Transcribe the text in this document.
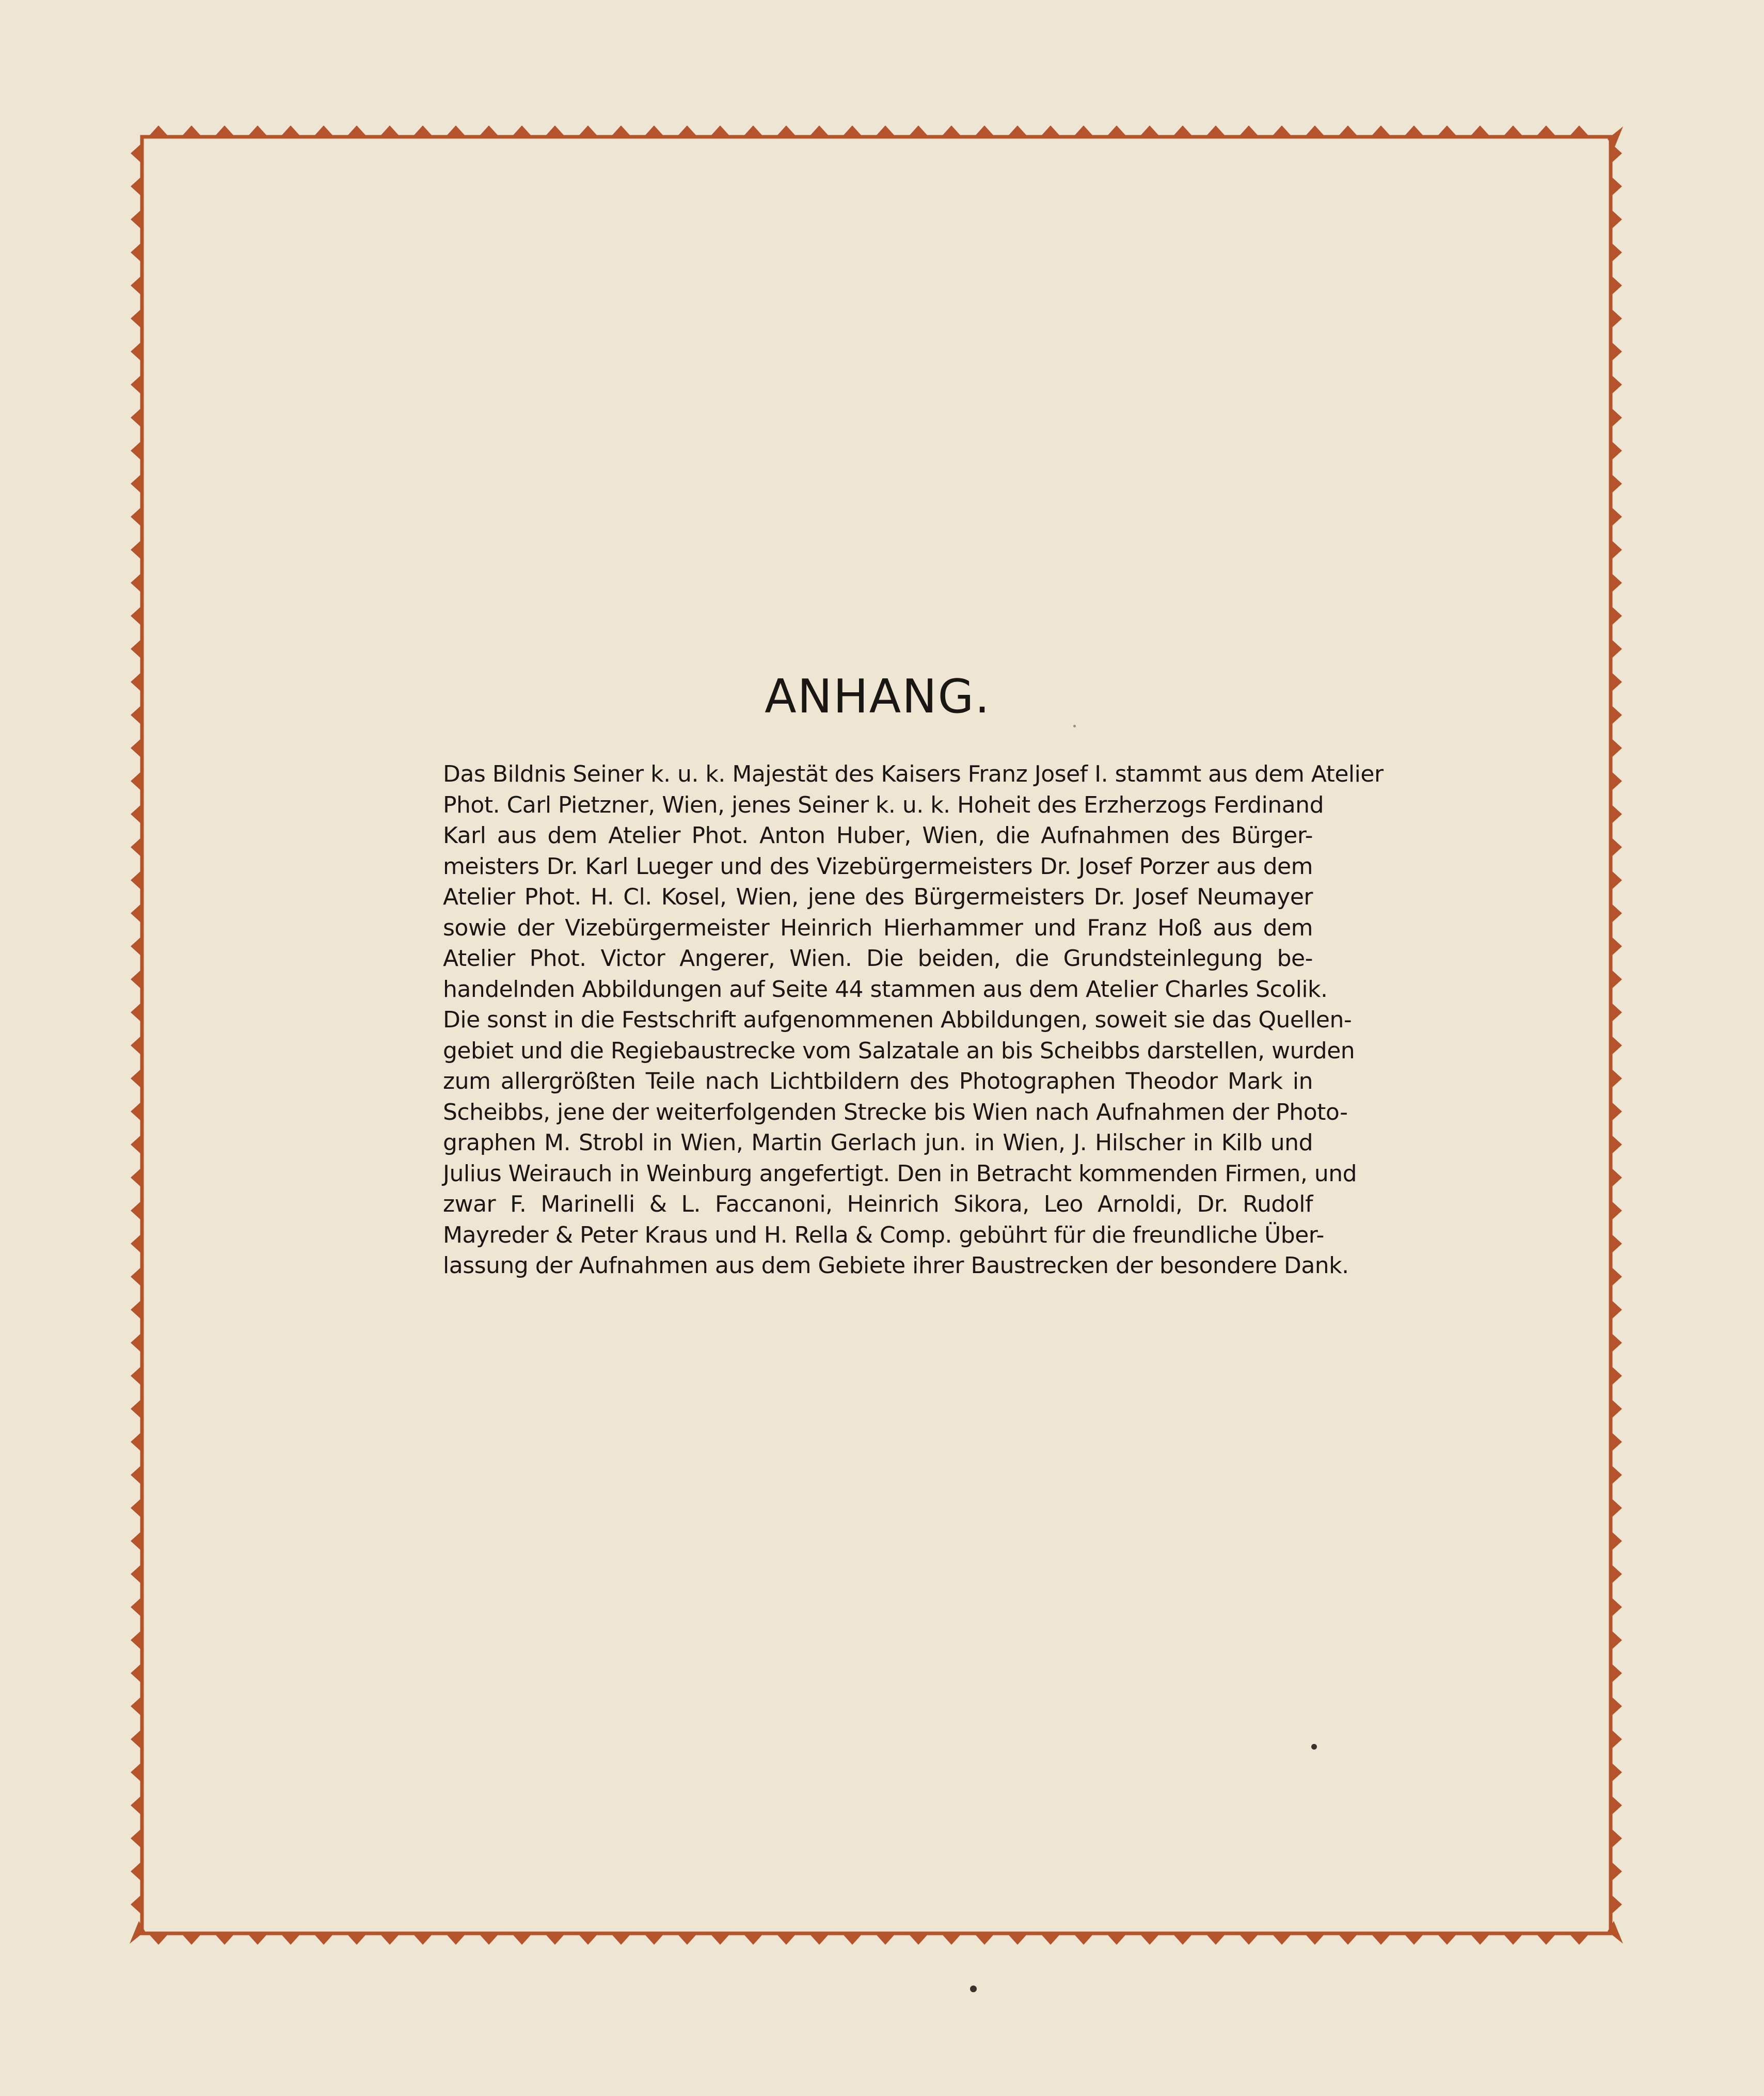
ANHANG.
Das Bildnis Seiner k. u. k. Majestät des Kaisers Franz Josef I. stammt aus dem Atelier
Phot. Carl Pietzner, Wien, jenes Seiner k. u. k. Hoheit des Erzherzogs Ferdinand
Karl aus dem Atelier Phot. Anton Huber, Wien, die Aufnahmen des Bürger-
meisters Dr. Karl Lueger und des Vizebürgermeisters Dr. Josef Porzer aus dem
Atelier Phot. H. Cl. Kosel, Wien, jene des Bürgermeisters Dr. Josef Neumayer
sowie der Vizebürgermeister Heinrich Hierhammer und Franz Hoß aus dem
Atelier Phot. Victor Angerer, Wien. Die beiden, die Grundsteinlegung be-
handelnden Abbildungen auf Seite 44 stammen aus dem Atelier Charles Scolik.
Die sonst in die Festschrift aufgenommenen Abbildungen, soweit sie das Quellen-
gebiet und die Regiebaustrecke vom Salzatale an bis Scheibbs darstellen, wurden
zum allergrößten Teile nach Lichtbildern des Photographen Theodor Mark in
Scheibbs, jene der weiterfolgenden Strecke bis Wien nach Aufnahmen der Photo-
graphen M. Strobl in Wien, Martin Gerlach jun. in Wien, J. Hilscher in Kilb und
Julius Weirauch in Weinburg angefertigt. Den in Betracht kommenden Firmen, und
zwar F. Marinelli & L. Faccanoni, Heinrich Sikora, Leo Arnoldi, Dr. Rudolf
Mayreder & Peter Kraus und H. Rella & Comp. gebührt für die freundliche Über-
lassung der Aufnahmen aus dem Gebiete ihrer Baustrecken der besondere Dank.
